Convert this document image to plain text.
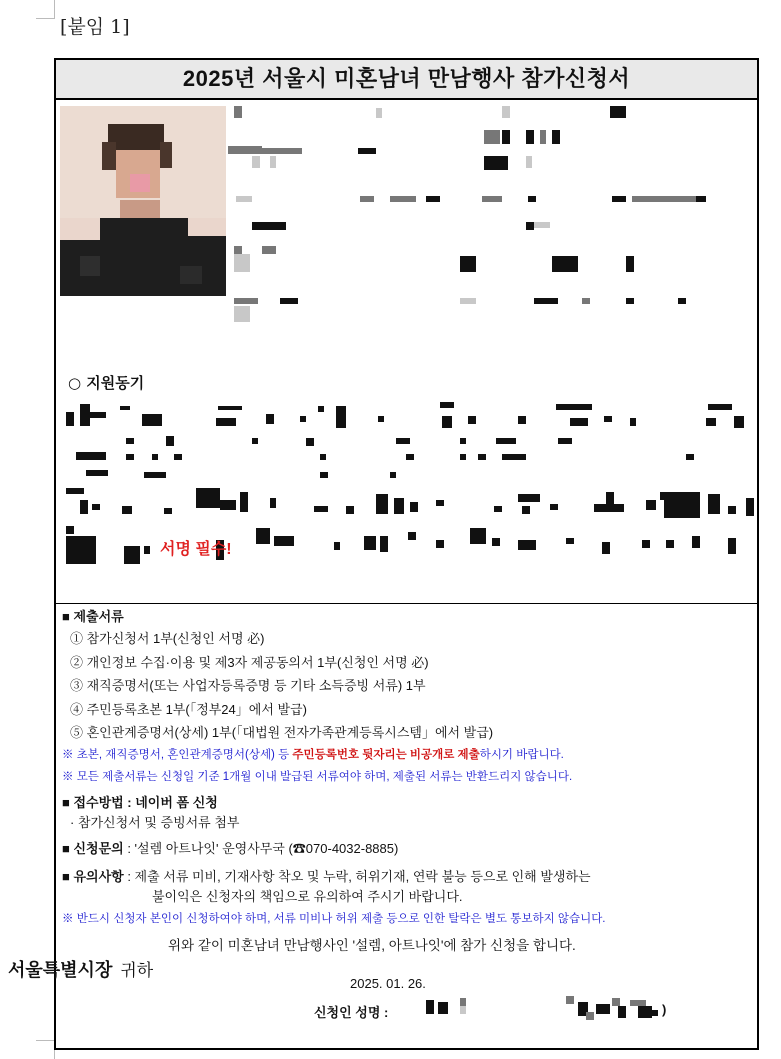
[붙임 1]
2025년 서울시 미혼남녀 만남행사 참가신청서
○ 지원동기
서명 필수!
■ 제출서류
① 참가신청서 1부(신청인 서명 必)
② 개인정보 수집·이용 및 제3자 제공동의서 1부(신청인 서명 必)
③ 재직증명서(또는 사업자등록증명 등 기타 소득증빙 서류) 1부
④ 주민등록초본 1부(「정부24」에서 발급)
⑤ 혼인관계증명서(상세) 1부(「대법원 전자가족관계등록시스템」에서 발급)
※ 초본, 재직증명서, 혼인관계증명서(상세) 등 주민등록번호 뒷자리는 비공개로 제출하시기 바랍니다.
※ 모든 제출서류는 신청일 기준 1개월 이내 발급된 서류여야 하며, 제출된 서류는 반환드리지 않습니다.
■ 접수방법 : 네이버 폼 신청
· 참가신청서 및 증빙서류 첨부
■ 신청문의 : '설렘 아트나잇' 운영사무국 (☎070-4032-8885)
■ 유의사항 : 제출 서류 미비, 기재사항 착오 및 누락, 허위기재, 연락 불능 등으로 인해 발생하는
불이익은 신청자의 책임으로 유의하여 주시기 바랍니다.
※ 반드시 신청자 본인이 신청하여야 하며, 서류 미비나 허위 제출 등으로 인한 탈락은 별도 통보하지 않습니다.
위와 같이 미혼남녀 만남행사인 '설렘, 아트나잇'에 참가 신청을 합니다.
2025. 01. 26.
신청인 성명 :	)
서울특별시장 귀하
